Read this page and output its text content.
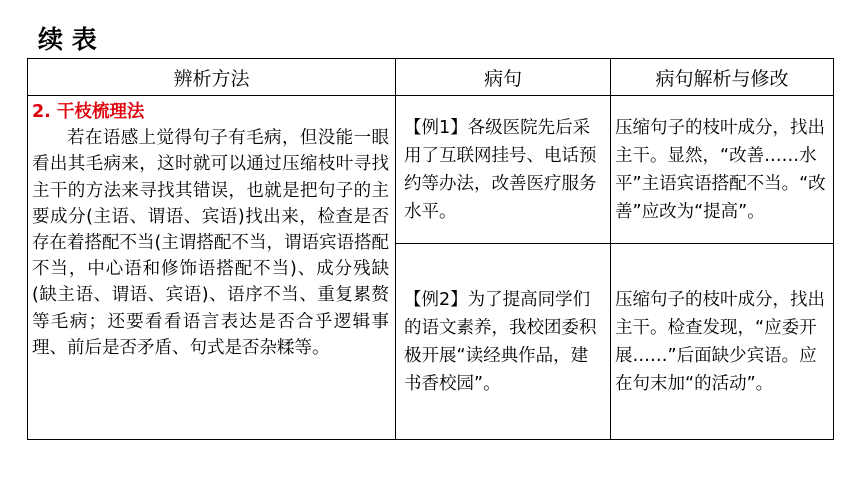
续 表
辨析方法	病句	病句解析与修改

2. 干枝梳理法
若在语感上觉得句子有毛病，但没能一眼看出其毛病来，这时就可以通过压缩枝叶寻找主干的方法来寻找其错误，也就是把句子的主要成分(主语、谓语、宾语)找出来，检查是否存在着搭配不当(主谓搭配不当，谓语宾语搭配不当，中心语和修饰语搭配不当)、成分残缺(缺主语、谓语、宾语)、语序不当、重复累赘等毛病；还要看看语言表达是否合乎逻辑事理、前后是否矛盾、句式是否杂糅等。	【例1】各级医院先后采用了互联网挂号、电话预约等办法，改善医疗服务水平。	压缩句子的枝叶成分，找出主干。显然，“改善……水平”主语宾语搭配不当。“改善”应改为“提高”。
	【例2】为了提高同学们的语文素养，我校团委积极开展“读经典作品，建书香校园”。	压缩句子的枝叶成分，找出主干。检查发现，“应委开展……”后面缺少宾语。应在句末加“的活动”。
